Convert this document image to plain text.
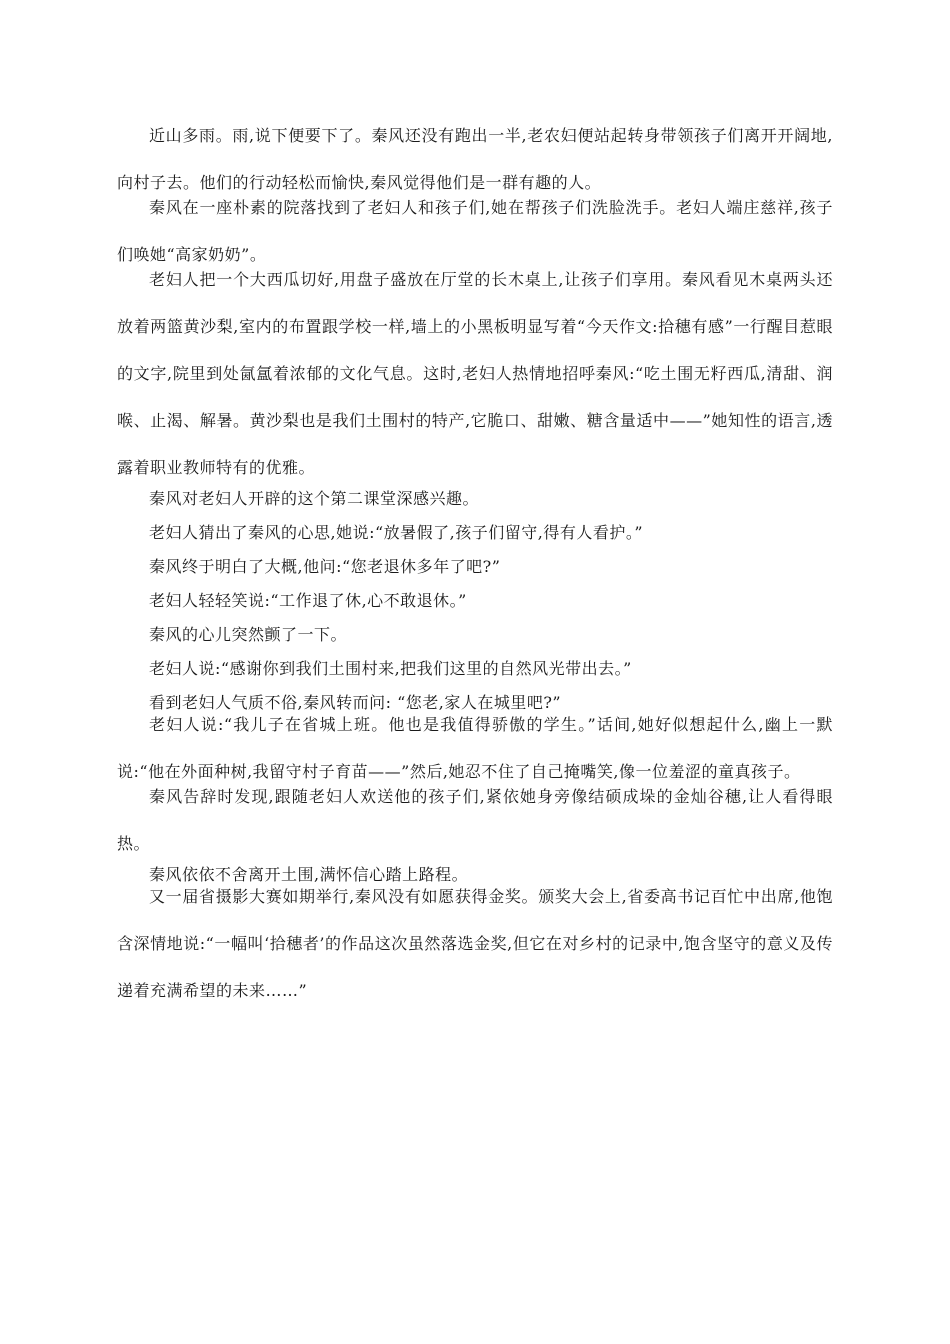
近山多雨。雨,说下便要下了。秦风还没有跑出一半,老农妇便站起转身带领孩子们离开开阔地,向村子去。他们的行动轻松而愉快,秦风觉得他们是一群有趣的人。

秦风在一座朴素的院落找到了老妇人和孩子们,她在帮孩子们洗脸洗手。老妇人端庄慈祥,孩子们唤她“高家奶奶”。

老妇人把一个大西瓜切好,用盘子盛放在厅堂的长木桌上,让孩子们享用。秦风看见木桌两头还放着两篮黄沙梨,室内的布置跟学校一样,墙上的小黑板明显写着“今天作文:拾穗有感”一行醒目惹眼的文字,院里到处氤氲着浓郁的文化气息。这时,老妇人热情地招呼秦风:“吃土围无籽西瓜,清甜、润喉、止渴、解暑。黄沙梨也是我们土围村的特产,它脆口、甜嫩、糖含量适中——”她知性的语言,透露着职业教师特有的优雅。

秦风对老妇人开辟的这个第二课堂深感兴趣。

老妇人猜出了秦风的心思,她说:“放暑假了,孩子们留守,得有人看护。”

秦风终于明白了大概,他问:“您老退休多年了吧?”

老妇人轻轻笑说:“工作退了休,心不敢退休。”

秦风的心儿突然颤了一下。

老妇人说:“感谢你到我们土围村来,把我们这里的自然风光带出去。”

看到老妇人气质不俗,秦风转而问: “您老,家人在城里吧?”

老妇人说:“我儿子在省城上班。他也是我值得骄傲的学生。”话间,她好似想起什么,幽上一默说:“他在外面种树,我留守村子育苗——”然后,她忍不住了自己掩嘴笑,像一位羞涩的童真孩子。

秦风告辞时发现,跟随老妇人欢送他的孩子们,紧依她身旁像结硕成垛的金灿谷穗,让人看得眼热。

秦风依依不舍离开土围,满怀信心踏上路程。

又一届省摄影大赛如期举行,秦风没有如愿获得金奖。颁奖大会上,省委高书记百忙中出席,他饱含深情地说:“一幅叫‘拾穗者’的作品这次虽然落选金奖,但它在对乡村的记录中,饱含坚守的意义及传递着充满希望的未来……”
